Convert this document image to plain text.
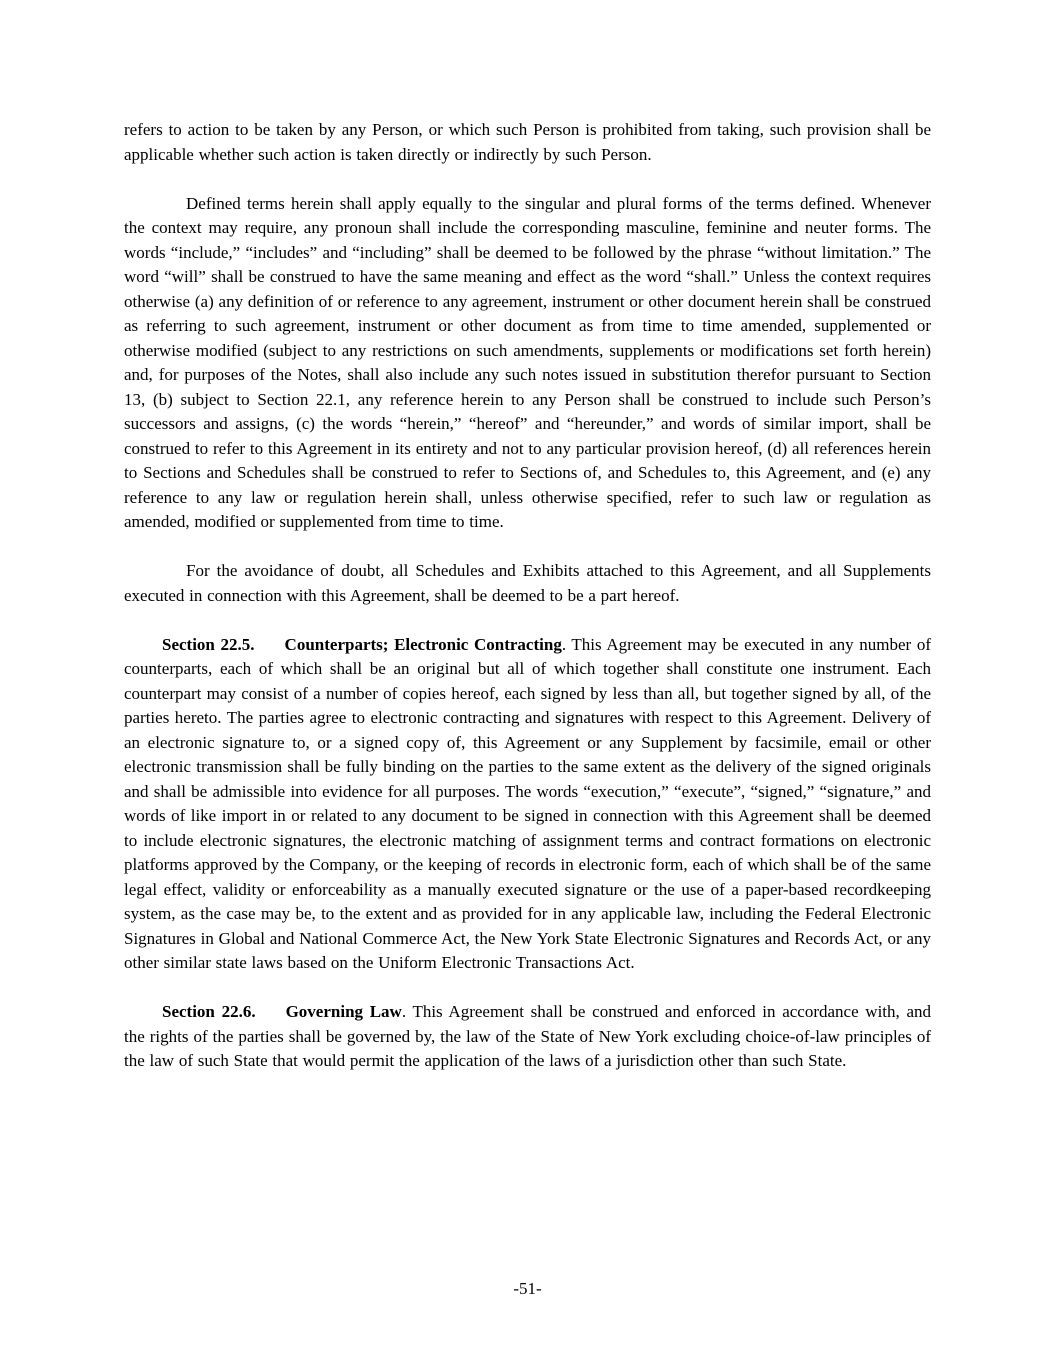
refers to action to be taken by any Person, or which such Person is prohibited from taking, such provision shall be applicable whether such action is taken directly or indirectly by such Person.

Defined terms herein shall apply equally to the singular and plural forms of the terms defined. Whenever the context may require, any pronoun shall include the corresponding masculine, feminine and neuter forms. The words “include,” “includes” and “including” shall be deemed to be followed by the phrase “without limitation.” The word “will” shall be construed to have the same meaning and effect as the word “shall.” Unless the context requires otherwise (a) any definition of or reference to any agreement, instrument or other document herein shall be construed as referring to such agreement, instrument or other document as from time to time amended, supplemented or otherwise modified (subject to any restrictions on such amendments, supplements or modifications set forth herein) and, for purposes of the Notes, shall also include any such notes issued in substitution therefor pursuant to Section 13, (b) subject to Section 22.1, any reference herein to any Person shall be construed to include such Person’s successors and assigns, (c) the words “herein,” “hereof” and “hereunder,” and words of similar import, shall be construed to refer to this Agreement in its entirety and not to any particular provision hereof, (d) all references herein to Sections and Schedules shall be construed to refer to Sections of, and Schedules to, this Agreement, and (e) any reference to any law or regulation herein shall, unless otherwise specified, refer to such law or regulation as amended, modified or supplemented from time to time.

For the avoidance of doubt, all Schedules and Exhibits attached to this Agreement, and all Supplements executed in connection with this Agreement, shall be deemed to be a part hereof.

Section 22.5. Counterparts; Electronic Contracting. This Agreement may be executed in any number of counterparts, each of which shall be an original but all of which together shall constitute one instrument. Each counterpart may consist of a number of copies hereof, each signed by less than all, but together signed by all, of the parties hereto. The parties agree to electronic contracting and signatures with respect to this Agreement. Delivery of an electronic signature to, or a signed copy of, this Agreement or any Supplement by facsimile, email or other electronic transmission shall be fully binding on the parties to the same extent as the delivery of the signed originals and shall be admissible into evidence for all purposes. The words “execution,” “execute”, “signed,” “signature,” and words of like import in or related to any document to be signed in connection with this Agreement shall be deemed to include electronic signatures, the electronic matching of assignment terms and contract formations on electronic platforms approved by the Company, or the keeping of records in electronic form, each of which shall be of the same legal effect, validity or enforceability as a manually executed signature or the use of a paper-based recordkeeping system, as the case may be, to the extent and as provided for in any applicable law, including the Federal Electronic Signatures in Global and National Commerce Act, the New York State Electronic Signatures and Records Act, or any other similar state laws based on the Uniform Electronic Transactions Act.

Section 22.6. Governing Law. This Agreement shall be construed and enforced in accordance with, and the rights of the parties shall be governed by, the law of the State of New York excluding choice-of-law principles of the law of such State that would permit the application of the laws of a jurisdiction other than such State.

-51-
